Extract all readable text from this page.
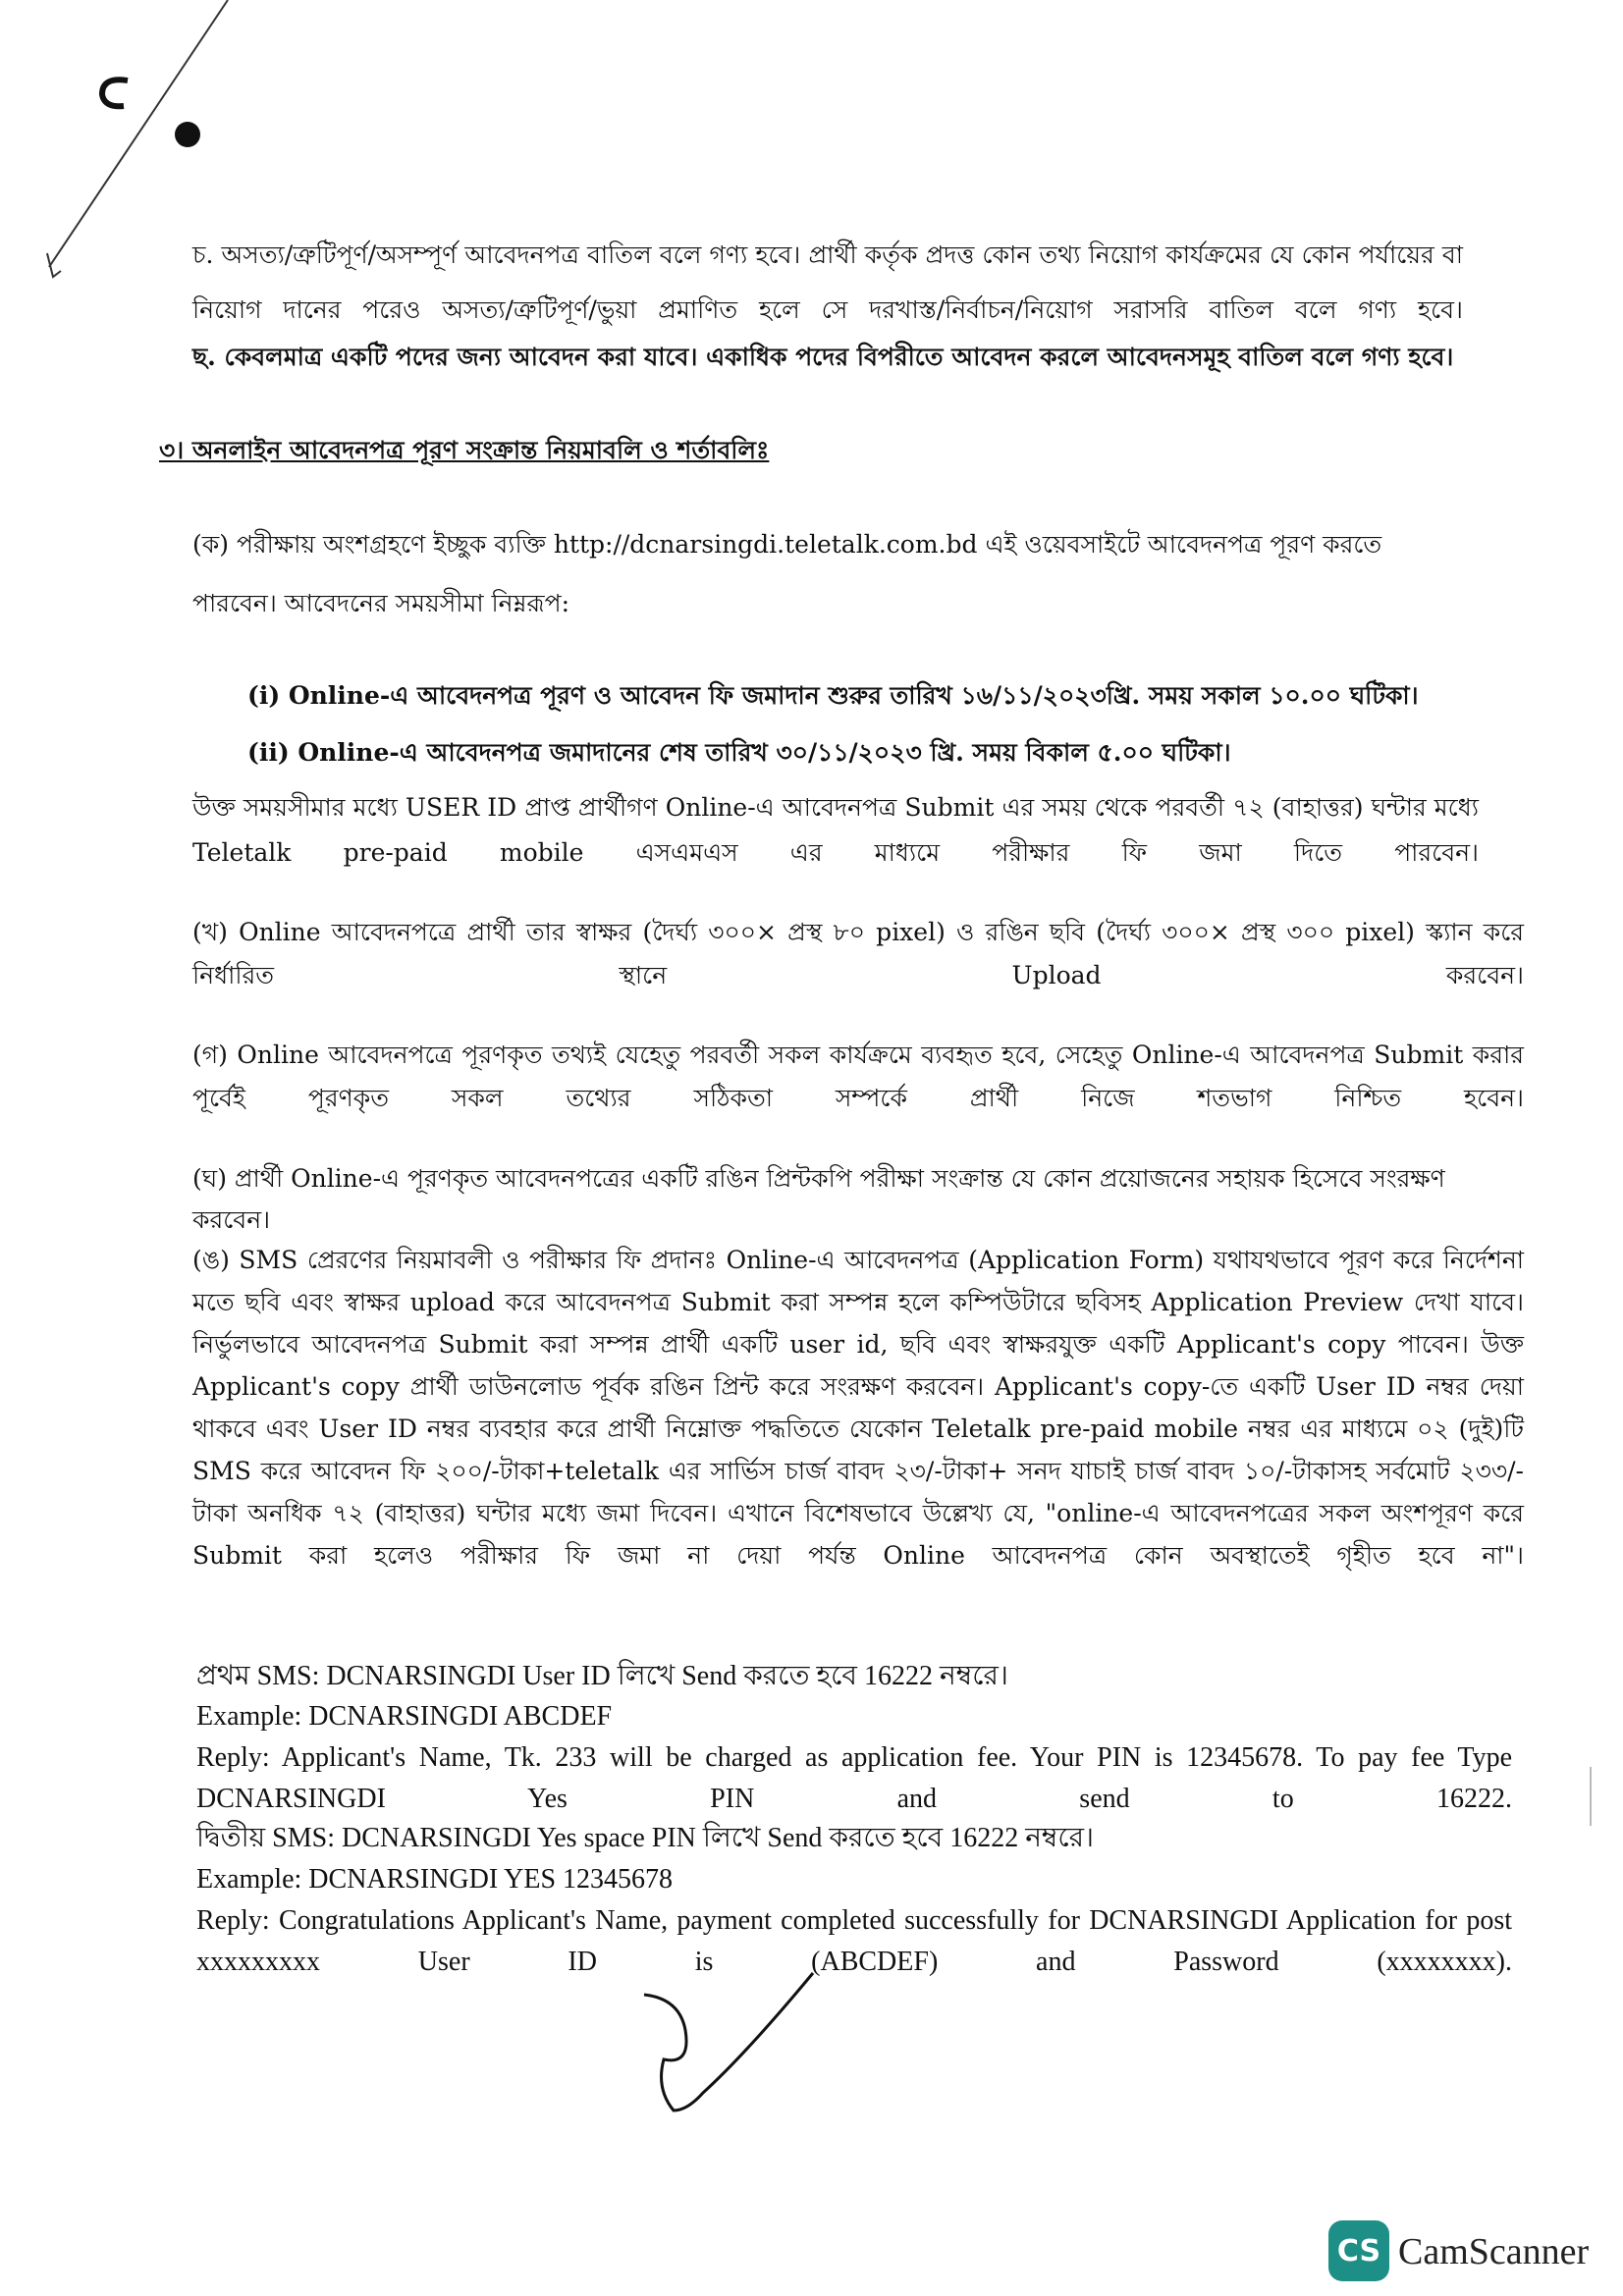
চ. অসত্য/ত্রুটিপূর্ণ/অসম্পূর্ণ আবেদনপত্র বাতিল বলে গণ্য হবে। প্রার্থী কর্তৃক প্রদত্ত কোন তথ্য নিয়োগ কার্যক্রমের যে কোন পর্যায়ের বা নিয়োগ দানের পরেও অসত্য/ত্রুটিপূর্ণ/ভুয়া প্রমাণিত হলে সে দরখাস্ত/নির্বাচন/নিয়োগ সরাসরি বাতিল বলে গণ্য হবে।

ছ. কেবলমাত্র একটি পদের জন্য আবেদন করা যাবে। একাধিক পদের বিপরীতে আবেদন করলে আবেদনসমূহ বাতিল বলে গণ্য হবে।

৩। অনলাইন আবেদনপত্র পূরণ সংক্রান্ত নিয়মাবলি ও শর্তাবলিঃ

(ক) পরীক্ষায় অংশগ্রহণে ইচ্ছুক ব্যক্তি http://dcnarsingdi.teletalk.com.bd এই ওয়েবসাইটে আবেদনপত্র পূরণ করতে পারবেন। আবেদনের সময়সীমা নিম্নরূপ:

(i) Online-এ আবেদনপত্র পূরণ ও আবেদন ফি জমাদান শুরুর তারিখ ১৬/১১/২০২৩খ্রি. সময় সকাল ১০.০০ ঘটিকা।

(ii) Online-এ আবেদনপত্র জমাদানের শেষ তারিখ ৩০/১১/২০২৩ খ্রি. সময় বিকাল ৫.০০ ঘটিকা।

উক্ত সময়সীমার মধ্যে USER ID প্রাপ্ত প্রার্থীগণ Online-এ আবেদনপত্র Submit এর সময় থেকে পরবর্তী ৭২ (বাহাত্তর) ঘন্টার মধ্যে Teletalk pre-paid mobile এসএমএস এর মাধ্যমে পরীক্ষার ফি জমা দিতে পারবেন।

(খ) Online আবেদনপত্রে প্রার্থী তার স্বাক্ষর (দৈর্ঘ্য ৩০০× প্রস্থ ৮০ pixel) ও রঙিন ছবি (দৈর্ঘ্য ৩০০× প্রস্থ ৩০০ pixel) স্ক্যান করে নির্ধারিত স্থানে Upload করবেন।

(গ) Online আবেদনপত্রে পূরণকৃত তথ্যই যেহেতু পরবর্তী সকল কার্যক্রমে ব্যবহৃত হবে, সেহেতু Online-এ আবেদনপত্র Submit করার পূর্বেই পূরণকৃত সকল তথ্যের সঠিকতা সম্পর্কে প্রার্থী নিজে শতভাগ নিশ্চিত হবেন।

(ঘ) প্রার্থী Online-এ পূরণকৃত আবেদনপত্রের একটি রঙিন প্রিন্টকপি পরীক্ষা সংক্রান্ত যে কোন প্রয়োজনের সহায়ক হিসেবে সংরক্ষণ করবেন।

(ঙ) SMS প্রেরণের নিয়মাবলী ও পরীক্ষার ফি প্রদানঃ Online-এ আবেদনপত্র (Application Form) যথাযথভাবে পূরণ করে নির্দেশনা মতে ছবি এবং স্বাক্ষর upload করে আবেদনপত্র Submit করা সম্পন্ন হলে কম্পিউটারে ছবিসহ Application Preview দেখা যাবে। নির্ভুলভাবে আবেদনপত্র Submit করা সম্পন্ন প্রার্থী একটি user id, ছবি এবং স্বাক্ষরযুক্ত একটি Applicant's copy পাবেন। উক্ত Applicant's copy প্রার্থী ডাউনলোড পূর্বক রঙিন প্রিন্ট করে সংরক্ষণ করবেন। Applicant's copy-তে একটি User ID নম্বর দেয়া থাকবে এবং User ID নম্বর ব্যবহার করে প্রার্থী নিম্নোক্ত পদ্ধতিতে যেকোন Teletalk pre-paid mobile নম্বর এর মাধ্যমে ০২ (দুই)টি SMS করে আবেদন ফি ২০০/-টাকা+teletalk এর সার্ভিস চার্জ বাবদ ২৩/-টাকা+ সনদ যাচাই চার্জ বাবদ ১০/-টাকাসহ সর্বমোট ২৩৩/-টাকা অনধিক ৭২ (বাহাত্তর) ঘন্টার মধ্যে জমা দিবেন। এখানে বিশেষভাবে উল্লেখ্য যে, "online-এ আবেদনপত্রের সকল অংশপূরণ করে Submit করা হলেও পরীক্ষার ফি জমা না দেয়া পর্যন্ত Online আবেদনপত্র কোন অবস্থাতেই গৃহীত হবে না"।

প্রথম SMS: DCNARSINGDI User ID লিখে Send করতে হবে 16222 নম্বরে।

Example: DCNARSINGDI ABCDEF

Reply: Applicant's Name, Tk. 233 will be charged as application fee. Your PIN is 12345678. To pay fee Type DCNARSINGDI Yes PIN and send to 16222.

দ্বিতীয় SMS: DCNARSINGDI Yes space PIN লিখে Send করতে হবে 16222 নম্বরে।

Example: DCNARSINGDI YES 12345678

Reply: Congratulations Applicant's Name, payment completed successfully for DCNARSINGDI Application for post xxxxxxxxx User ID is (ABCDEF) and Password (xxxxxxxx).

CS CamScanner
